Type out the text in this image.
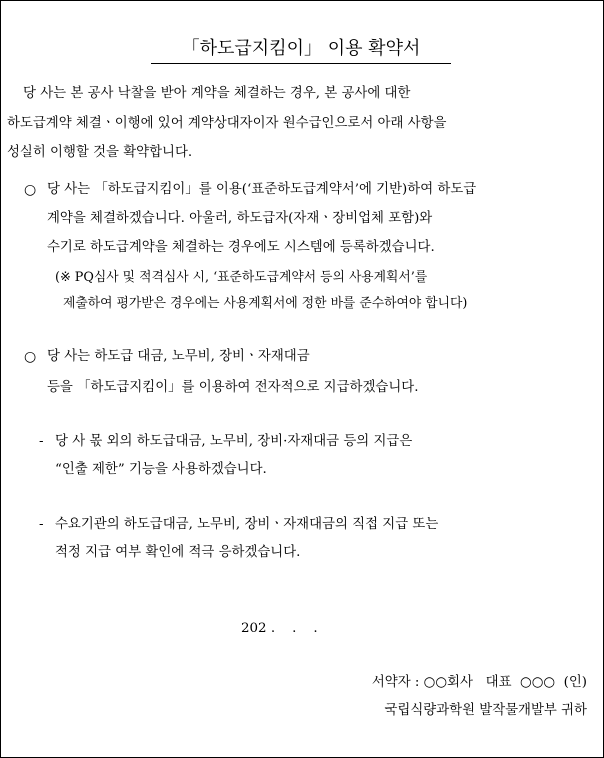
「하도급지킴이」 이용 확약서
당 사는 본 공사 낙찰을 받아 계약을 체결하는 경우, 본 공사에 대한
하도급계약 체결ㆍ이행에 있어 계약상대자이자 원수급인으로서 아래 사항을
성실히 이행할 것을 확약합니다.
○ 당 사는 「하도급지킴이」를 이용(‘표준하도급계약서’에 기반)하여 하도급
계약을 체결하겠습니다. 아울러, 하도급자(자재ㆍ장비업체 포함)와
수기로 하도급계약을 체결하는 경우에도 시스템에 등록하겠습니다.
(※ PQ심사 및 적격심사 시, ‘표준하도급계약서 등의 사용계획서’를
제출하여 평가받은 경우에는 사용계획서에 정한 바를 준수하여야 합니다)
○ 당 사는 하도급 대금, 노무비, 장비ㆍ자재대금
등을 「하도급지킴이」를 이용하여 전자적으로 지급하겠습니다.
- 당 사 몫 외의 하도급대금, 노무비, 장비·자재대금 등의 지급은
“인출 제한” 기능을 사용하겠습니다.
- 수요기관의 하도급대금, 노무비, 장비ㆍ자재대금의 직접 지급 또는
적정 지급 여부 확인에 적극 응하겠습니다.
202 .    .    .
서약자 : ○○회사   대표  ○○○  (인)
국립식량과학원 발작물개발부 귀하
